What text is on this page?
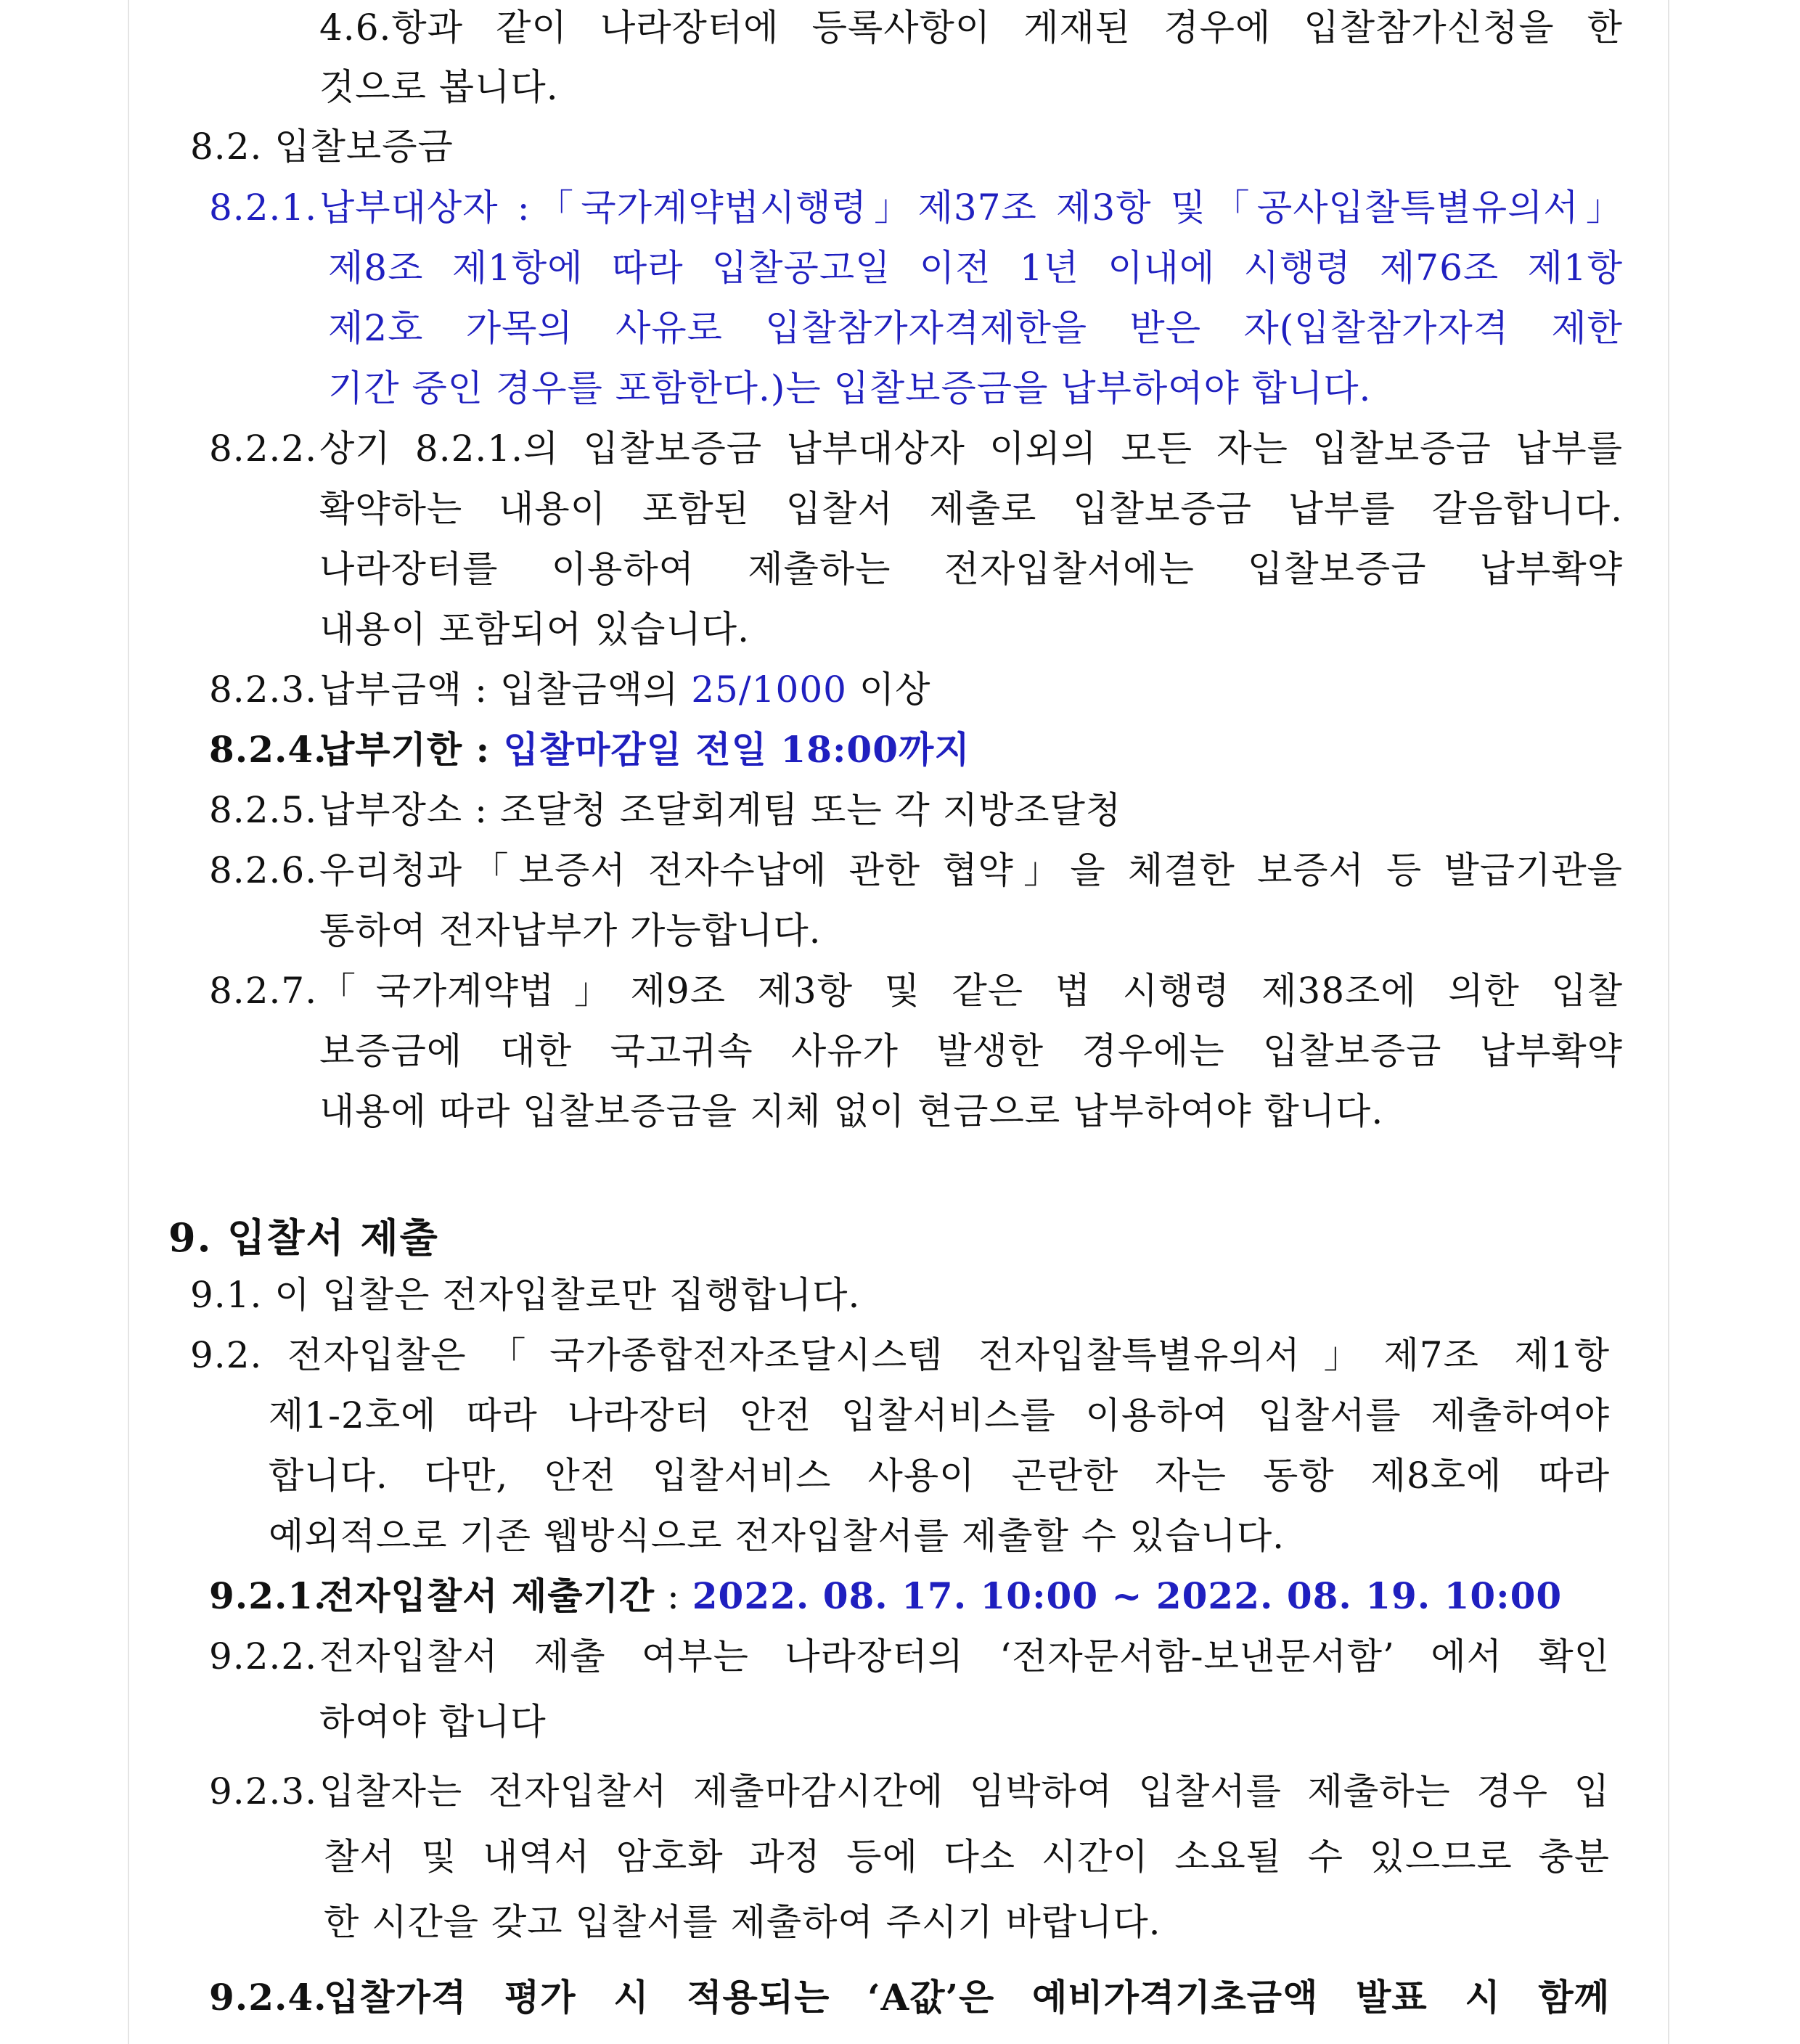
4.6.항과 같이 나라장터에 등록사항이 게재된 경우에 입찰참가신청을 한
것으로 봅니다.
8.2. 입찰보증금
8.2.1. 납부대상자 :「국가계약법시행령」제37조 제3항 및「공사입찰특별유의서」
제8조 제1항에 따라 입찰공고일 이전 1년 이내에 시행령 제76조 제1항
제2호 가목의 사유로 입찰참가자격제한을 받은 자(입찰참가자격 제한
기간 중인 경우를 포함한다.)는 입찰보증금을 납부하여야 합니다.
8.2.2. 상기 8.2.1.의 입찰보증금 납부대상자 이외의 모든 자는 입찰보증금 납부를
확약하는 내용이 포함된 입찰서 제출로 입찰보증금 납부를 갈음합니다.
나라장터를 이용하여 제출하는 전자입찰서에는 입찰보증금 납부확약
내용이 포함되어 있습니다.
8.2.3. 납부금액 : 입찰금액의 25/1000 이상
8.2.4.
납부기한 : 입찰마감일 전일 18:00까지
8.2.5. 납부장소 : 조달청 조달회계팀 또는 각 지방조달청
8.2.6. 우리청과「보증서 전자수납에 관한 협약」을 체결한 보증서 등 발급기관을
통하여 전자납부가 가능합니다.
8.2.7. 「국가계약법」제9조 제3항 및 같은 법 시행령 제38조에 의한 입찰
보증금에 대한 국고귀속 사유가 발생한 경우에는 입찰보증금 납부확약
내용에 따라 입찰보증금을 지체 없이 현금으로 납부하여야 합니다.
9. 입찰서 제출
9.1. 이 입찰은 전자입찰로만 집행합니다.
9.2. 전자입찰은「국가종합전자조달시스템 전자입찰특별유의서」제7조 제1항
제1-2호에 따라 나라장터 안전 입찰서비스를 이용하여 입찰서를 제출하여야
합니다. 다만, 안전 입찰서비스 사용이 곤란한 자는 동항 제8호에 따라
예외적으로 기존 웹방식으로 전자입찰서를 제출할 수 있습니다.
9.2.1.
전자입찰서 제출기간 : 2022. 08. 17. 10:00 ~ 2022. 08. 19. 10:00
9.2.2. 전자입찰서 제출 여부는 나라장터의 ‘전자문서함-보낸문서함’ 에서 확인
하여야 합니다
9.2.3. 입찰자는 전자입찰서 제출마감시간에 임박하여 입찰서를 제출하는 경우 입
찰서 및 내역서 암호화 과정 등에 다소 시간이 소요될 수 있으므로 충분
한 시간을 갖고 입찰서를 제출하여 주시기 바랍니다.
9.2.4.
입찰가격 평가 시 적용되는 ‘A값’은 예비가격기초금액 발표 시 함께
